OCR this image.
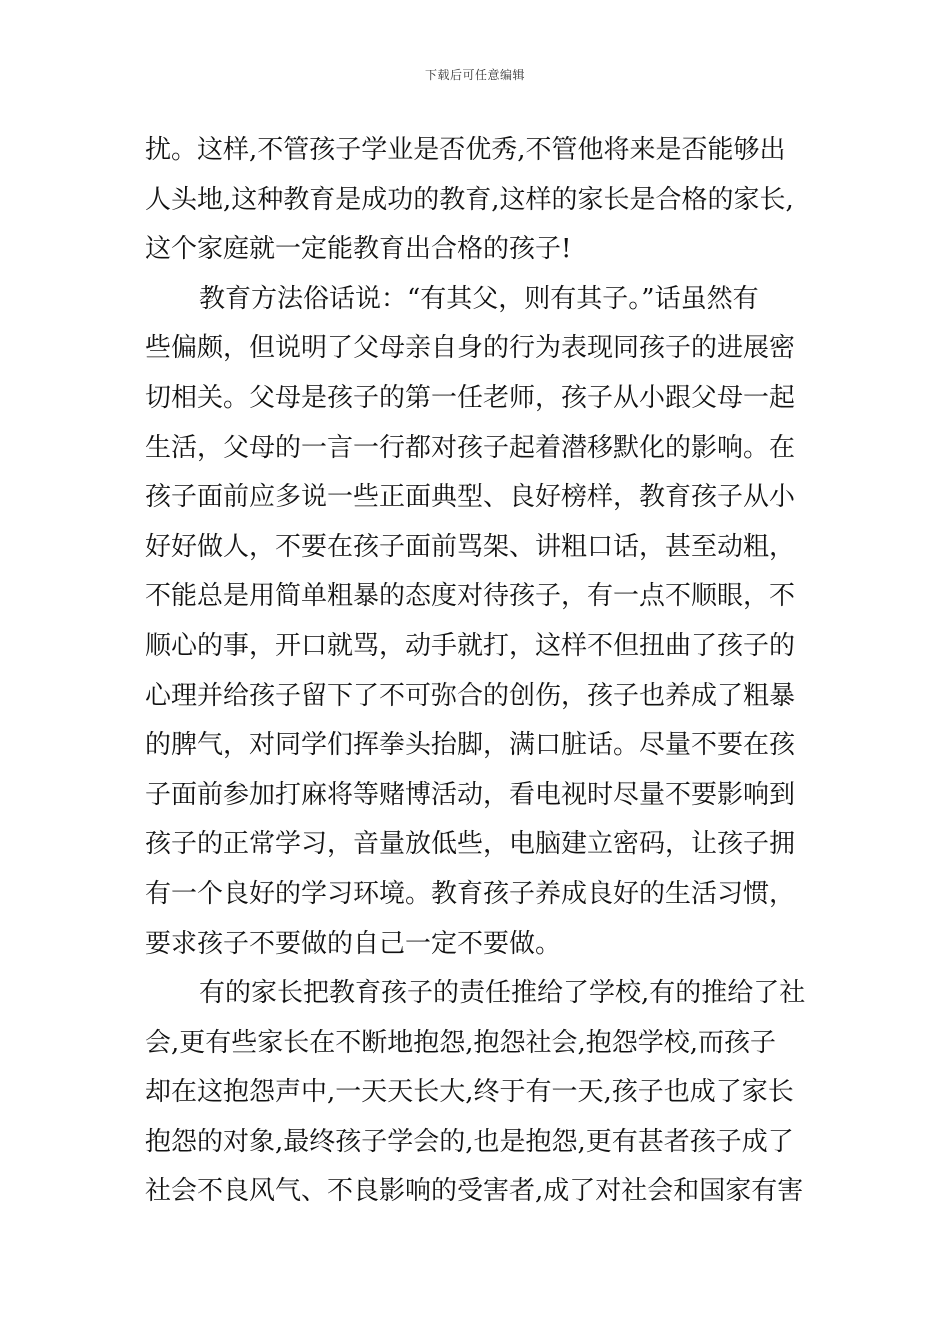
下载后可任意编辑
扰。这样,不管孩子学业是否优秀,不管他将来是否能够出
人头地,这种教育是成功的教育,这样的家长是合格的家长,
这个家庭就一定能教育出合格的孩子!
教育方法俗话说：“有其父，则有其子。”话虽然有
些偏颇，但说明了父母亲自身的行为表现同孩子的进展密
切相关。父母是孩子的第一任老师，孩子从小跟父母一起
生活，父母的一言一行都对孩子起着潜移默化的影响。在
孩子面前应多说一些正面典型、良好榜样，教育孩子从小
好好做人，不要在孩子面前骂架、讲粗口话，甚至动粗，
不能总是用简单粗暴的态度对待孩子，有一点不顺眼，不
顺心的事，开口就骂，动手就打，这样不但扭曲了孩子的
心理并给孩子留下了不可弥合的创伤，孩子也养成了粗暴
的脾气，对同学们挥拳头抬脚，满口脏话。尽量不要在孩
子面前参加打麻将等赌博活动，看电视时尽量不要影响到
孩子的正常学习，音量放低些，电脑建立密码，让孩子拥
有一个良好的学习环境。教育孩子养成良好的生活习惯，
要求孩子不要做的自己一定不要做。
有的家长把教育孩子的责任推给了学校,有的推给了社
会,更有些家长在不断地抱怨,抱怨社会,抱怨学校,而孩子
却在这抱怨声中,一天天长大,终于有一天,孩子也成了家长
抱怨的对象,最终孩子学会的,也是抱怨,更有甚者孩子成了
社会不良风气、不良影响的受害者,成了对社会和国家有害
